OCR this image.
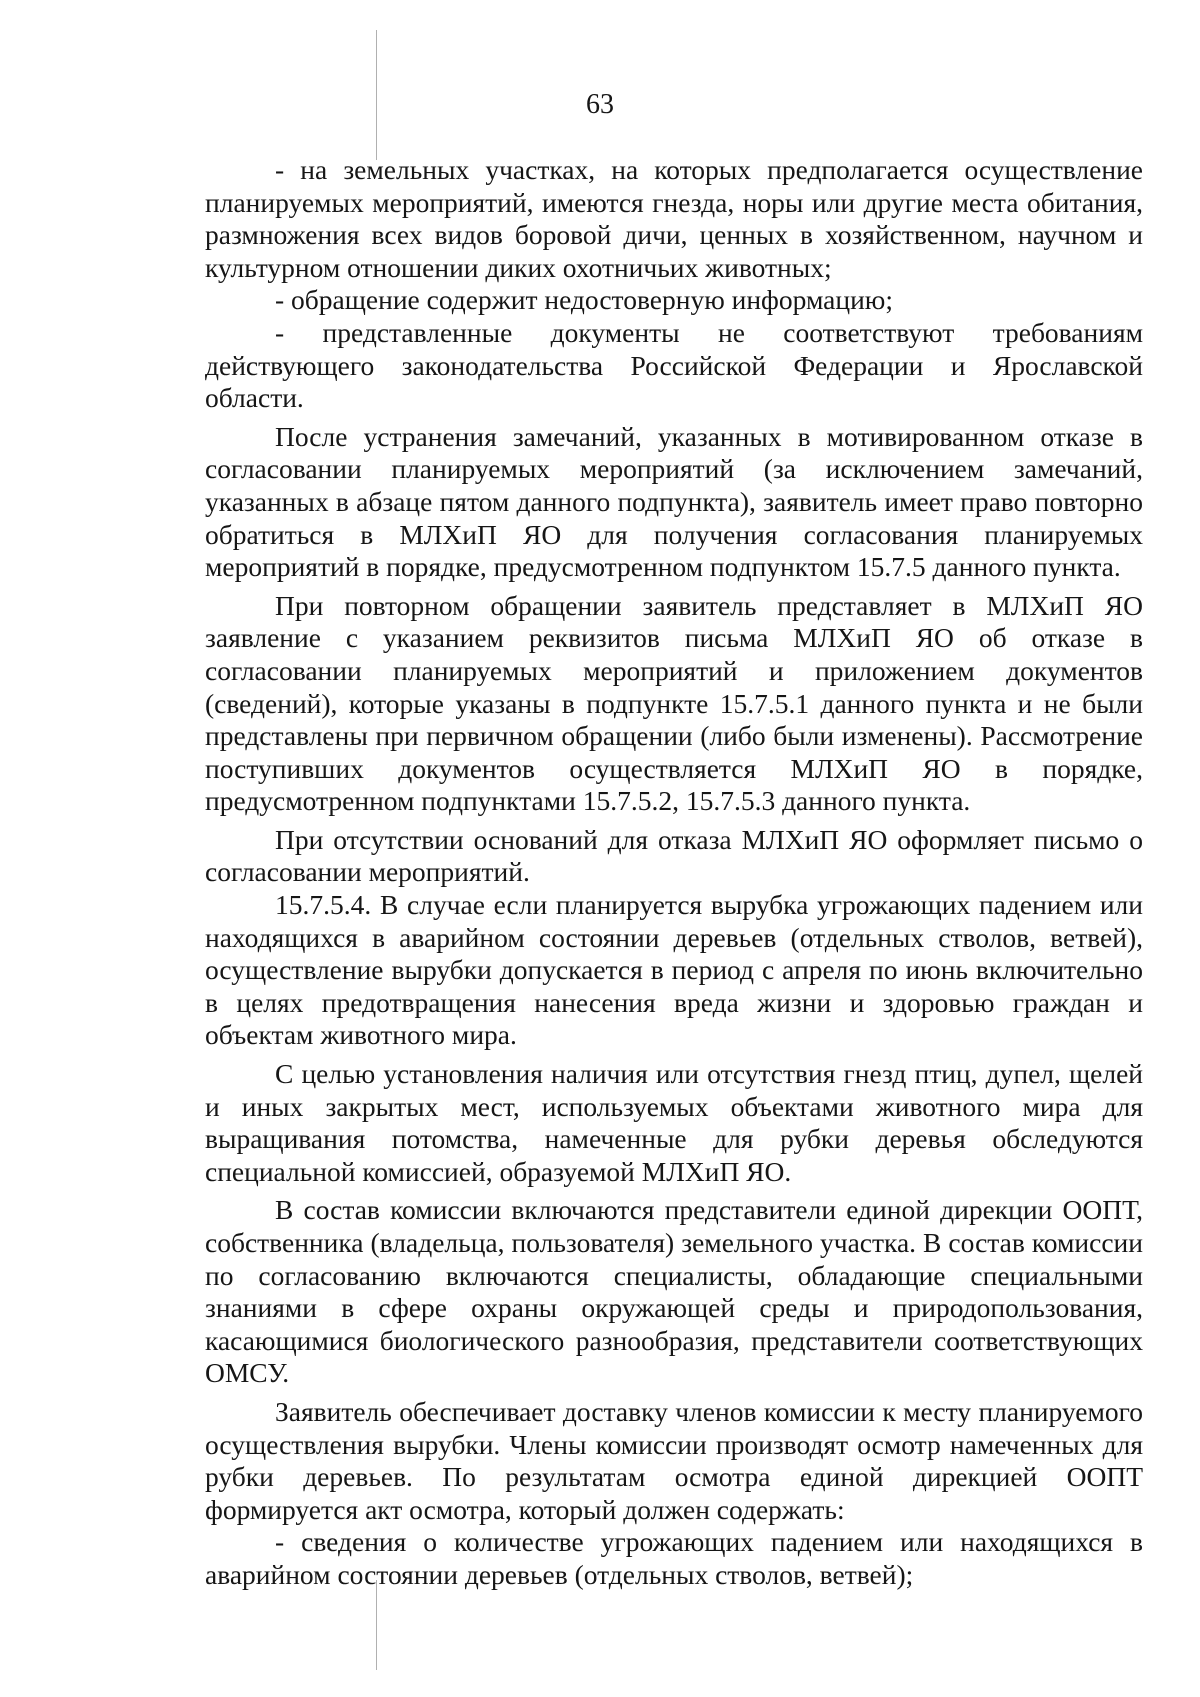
63

- на земельных участках, на которых предполагается осуществление планируемых мероприятий, имеются гнезда, норы или другие места обитания, размножения всех видов боровой дичи, ценных в хозяйственном, научном и культурном отношении диких охотничьих животных;

- обращение содержит недостоверную информацию;

- представленные документы не соответствуют требованиям действующего законодательства Российской Федерации и Ярославской области.

После устранения замечаний, указанных в мотивированном отказе в согласовании планируемых мероприятий (за исключением замечаний, указанных в абзаце пятом данного подпункта), заявитель имеет право повторно обратиться в МЛХиП ЯО для получения согласования планируемых мероприятий в порядке, предусмотренном подпунктом 15.7.5 данного пункта.

При повторном обращении заявитель представляет в МЛХиП ЯО заявление с указанием реквизитов письма МЛХиП ЯО об отказе в согласовании планируемых мероприятий и приложением документов (сведений), которые указаны в подпункте 15.7.5.1 данного пункта и не были представлены при первичном обращении (либо были изменены). Рассмотрение поступивших документов осуществляется МЛХиП ЯО в порядке, предусмотренном подпунктами 15.7.5.2, 15.7.5.3 данного пункта.

При отсутствии оснований для отказа МЛХиП ЯО оформляет письмо о согласовании мероприятий.

15.7.5.4. В случае если планируется вырубка угрожающих падением или находящихся в аварийном состоянии деревьев (отдельных стволов, ветвей), осуществление вырубки допускается в период с апреля по июнь включительно в целях предотвращения нанесения вреда жизни и здоровью граждан и объектам животного мира.

С целью установления наличия или отсутствия гнезд птиц, дупел, щелей и иных закрытых мест, используемых объектами животного мира для выращивания потомства, намеченные для рубки деревья обследуются специальной комиссией, образуемой МЛХиП ЯО.

В состав комиссии включаются представители единой дирекции ООПТ, собственника (владельца, пользователя) земельного участка. В состав комиссии по согласованию включаются специалисты, обладающие специальными знаниями в сфере охраны окружающей среды и природопользования, касающимися биологического разнообразия, представители соответствующих ОМСУ.

Заявитель обеспечивает доставку членов комиссии к месту планируемого осуществления вырубки. Члены комиссии производят осмотр намеченных для рубки деревьев. По результатам осмотра единой дирекцией ООПТ формируется акт осмотра, который должен содержать:

- сведения о количестве угрожающих падением или находящихся в аварийном состоянии деревьев (отдельных стволов, ветвей);
